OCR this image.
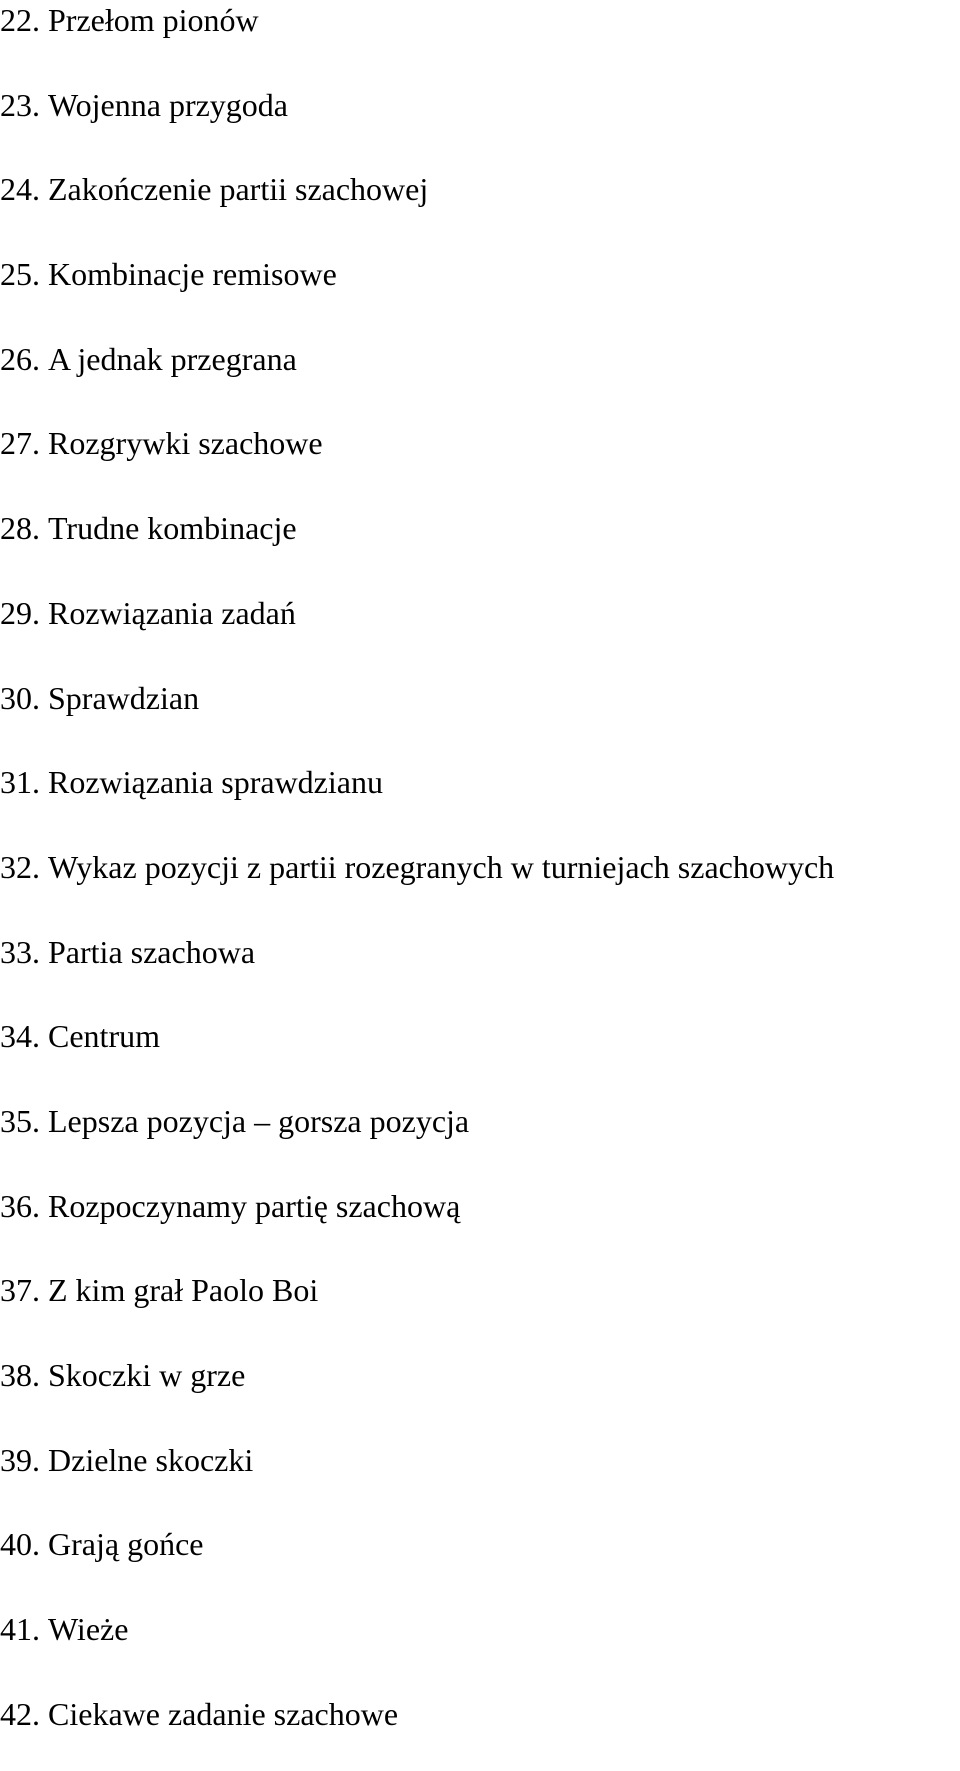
22. Przełom pionów
23. Wojenna przygoda
24. Zakończenie partii szachowej
25. Kombinacje remisowe
26. A jednak przegrana
27. Rozgrywki szachowe
28. Trudne kombinacje
29. Rozwiązania zadań
30. Sprawdzian
31. Rozwiązania sprawdzianu
32. Wykaz pozycji z partii rozegranych w turniejach szachowych
33. Partia szachowa
34. Centrum
35. Lepsza pozycja – gorsza pozycja
36. Rozpoczynamy partię szachową
37. Z kim grał Paolo Boi
38. Skoczki w grze
39. Dzielne skoczki
40. Grają gońce
41. Wieże
42. Ciekawe zadanie szachowe
